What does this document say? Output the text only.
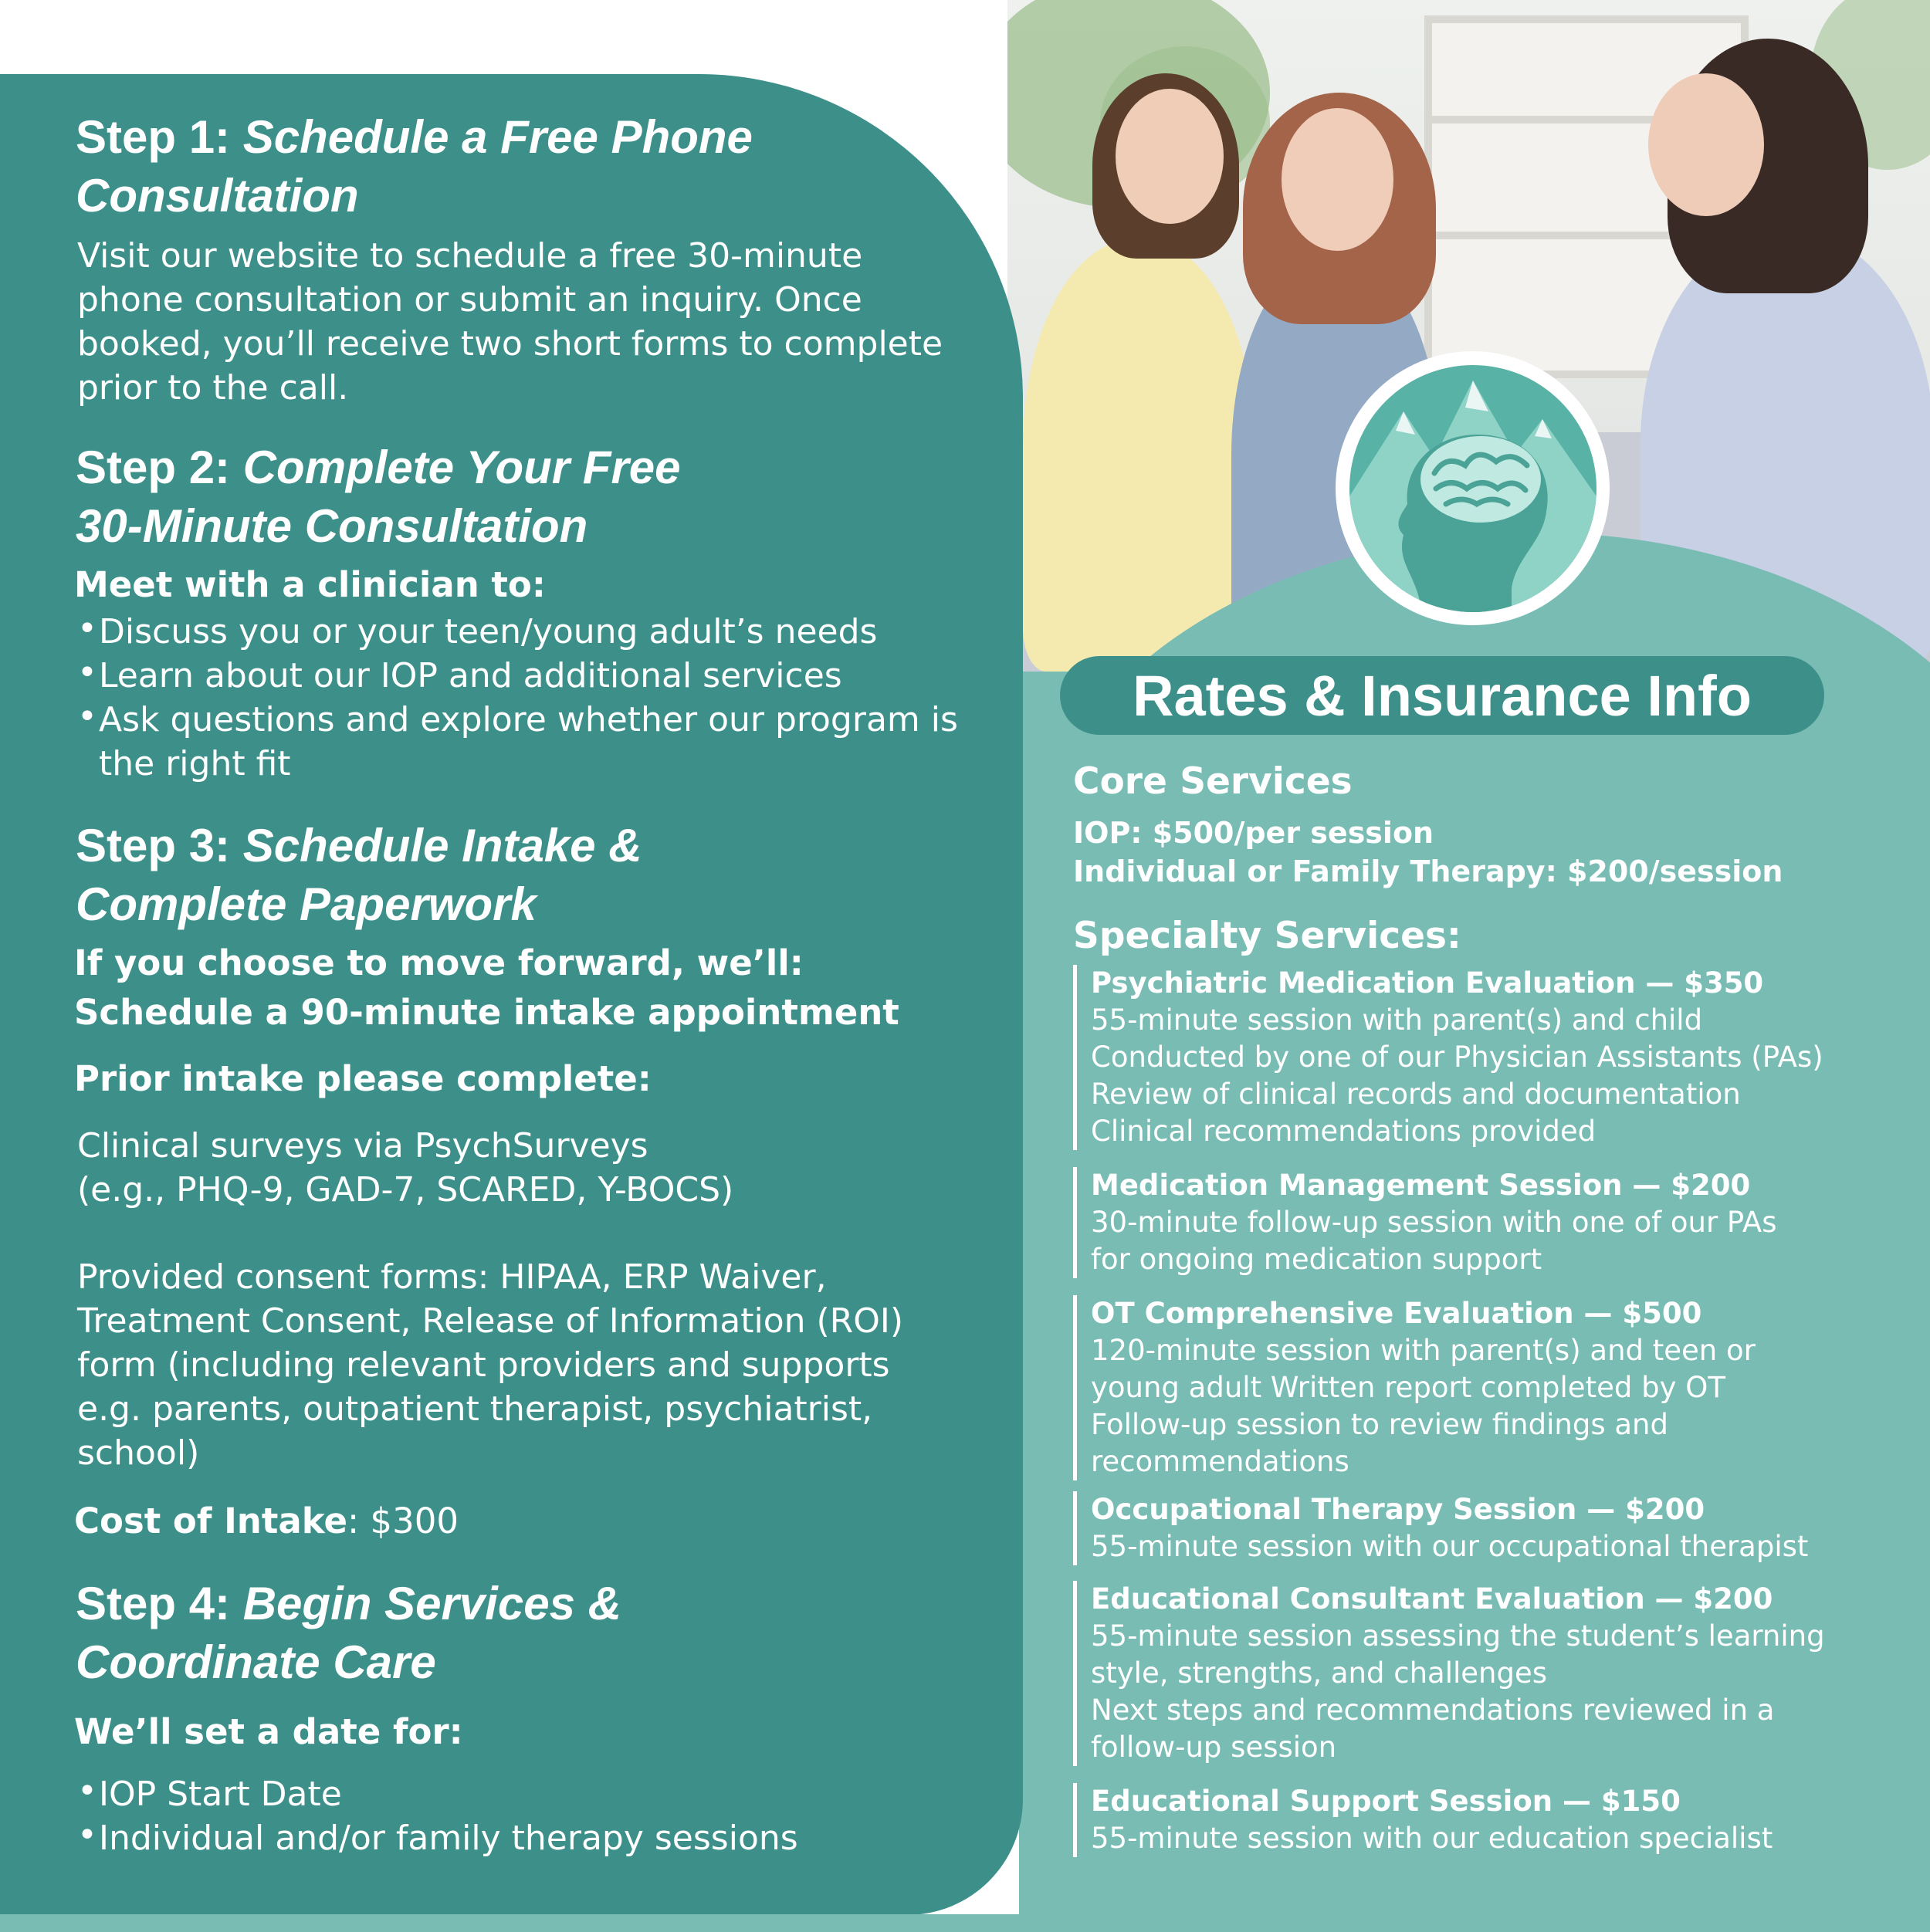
Step 1: Schedule a Free Phone
Consultation
Visit our website to schedule a free 30-minute
phone consultation or submit an inquiry. Once
booked, you’ll receive two short forms to complete
prior to the call.
Step 2: Complete Your Free
30-Minute Consultation
Meet with a clinician to:
• Discuss you or your teen/young adult’s needs
• Learn about our IOP and additional services
• Ask questions and explore whether our program is the right fit
Step 3: Schedule Intake &
Complete Paperwork
If you choose to move forward, we’ll:
Schedule a 90-minute intake appointment
Prior intake please complete:
Clinical surveys via PsychSurveys
(e.g., PHQ-9, GAD-7, SCARED, Y-BOCS)
Provided consent forms: HIPAA, ERP Waiver,
Treatment Consent, Release of Information (ROI)
form (including relevant providers and supports
e.g. parents, outpatient therapist, psychiatrist,
school)
Cost of Intake: $300
Step 4: Begin Services &
Coordinate Care
We’ll set a date for:
• IOP Start Date
• Individual and/or family therapy sessions
Rates & Insurance Info
Core Services
IOP: $500/per session
Individual or Family Therapy: $200/session
Specialty Services:
Psychiatric Medication Evaluation — $350
55-minute session with parent(s) and child
Conducted by one of our Physician Assistants (PAs)
Review of clinical records and documentation
Clinical recommendations provided
Medication Management Session — $200
30-minute follow-up session with one of our PAs
for ongoing medication support
OT Comprehensive Evaluation — $500
120-minute session with parent(s) and teen or
young adult Written report completed by OT
Follow-up session to review findings and
recommendations
Occupational Therapy Session — $200
55-minute session with our occupational therapist
Educational Consultant Evaluation — $200
55-minute session assessing the student’s learning
style, strengths, and challenges
Next steps and recommendations reviewed in a
follow-up session
Educational Support Session — $150
55-minute session with our education specialist
